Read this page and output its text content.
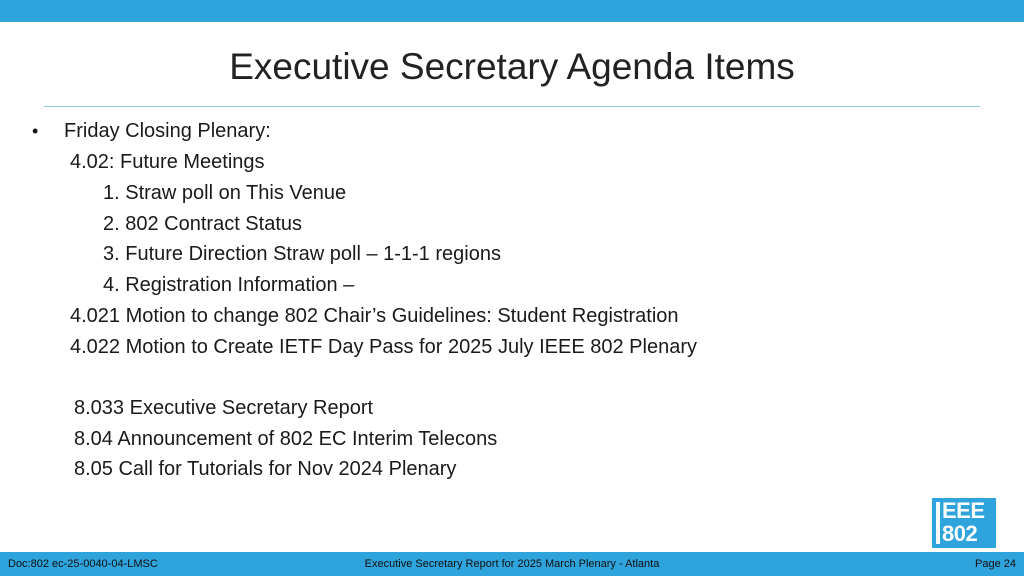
Executive Secretary Agenda Items
• Friday Closing Plenary:
4.02: Future Meetings
1. Straw poll on This Venue
2. 802 Contract Status
3. Future Direction Straw poll – 1-1-1 regions
4. Registration Information –
4.021 Motion to change 802 Chair’s Guidelines: Student Registration
4.022 Motion to Create IETF Day Pass for 2025 July IEEE 802 Plenary
8.033 Executive Secretary Report
8.04 Announcement of 802 EC Interim Telecons
8.05 Call for Tutorials for Nov 2024 Plenary
EEE
802
Doc:802 ec-25-0040-04-LMSC	Executive Secretary Report for 2025 March Plenary - Atlanta	Page 24
